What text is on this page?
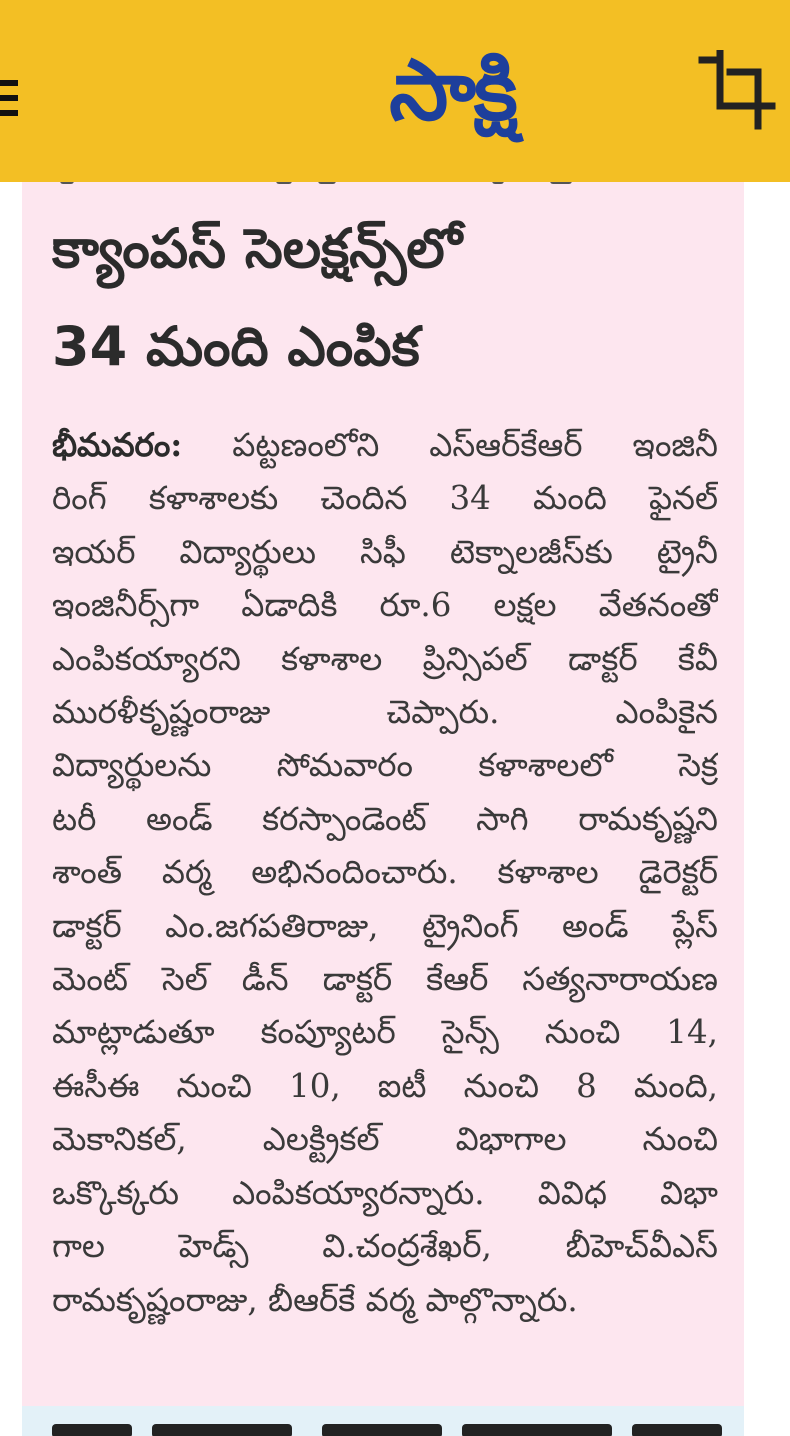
సాక్షి
క్యాంపస్ సెలక్షన్స్‌లో
34 మంది ఎంపిక
భీమవరం: పట్టణంలోని ఎస్‌ఆర్‌కేఆర్ ఇంజినీ
రింగ్ కళాశాలకు చెందిన 34 మంది ఫైనల్
ఇయర్ విద్యార్థులు సిఫీ టెక్నాలజీస్‌కు ట్రైనీ
ఇంజినీర్స్‌గా ఏడాదికి రూ.6 లక్షల వేతనంతో
ఎంపికయ్యారని కళాశాల ప్రిన్సిపల్ డాక్టర్ కేవీ
మురళీకృష్ణంరాజు చెప్పారు. ఎంపికైన
విద్యార్థులను సోమవారం కళాశాలలో సెక్ర
టరీ అండ్ కరస్పాండెంట్ సాగి రామకృష్ణని
శాంత్ వర్మ అభినందించారు. కళాశాల డైరెక్టర్
డాక్టర్ ఎం.జగపతిరాజు, ట్రైనింగ్ అండ్ ప్లేస్
మెంట్ సెల్ డీన్ డాక్టర్ కేఆర్ సత్యనారాయణ
మాట్లాడుతూ కంప్యూటర్ సైన్స్ నుంచి 14,
ఈసీఈ నుంచి 10, ఐటీ నుంచి 8 మంది,
మెకానికల్, ఎలక్ట్రికల్ విభాగాల నుంచి
ఒక్కొక్కరు ఎంపికయ్యారన్నారు. వివిధ విభా
గాల హెడ్స్ వి.చంద్రశేఖర్, బీహెచ్‌వీఎస్
రామకృష్ణంరాజు, బీఆర్‌కే వర్మ పాల్గొన్నారు.
